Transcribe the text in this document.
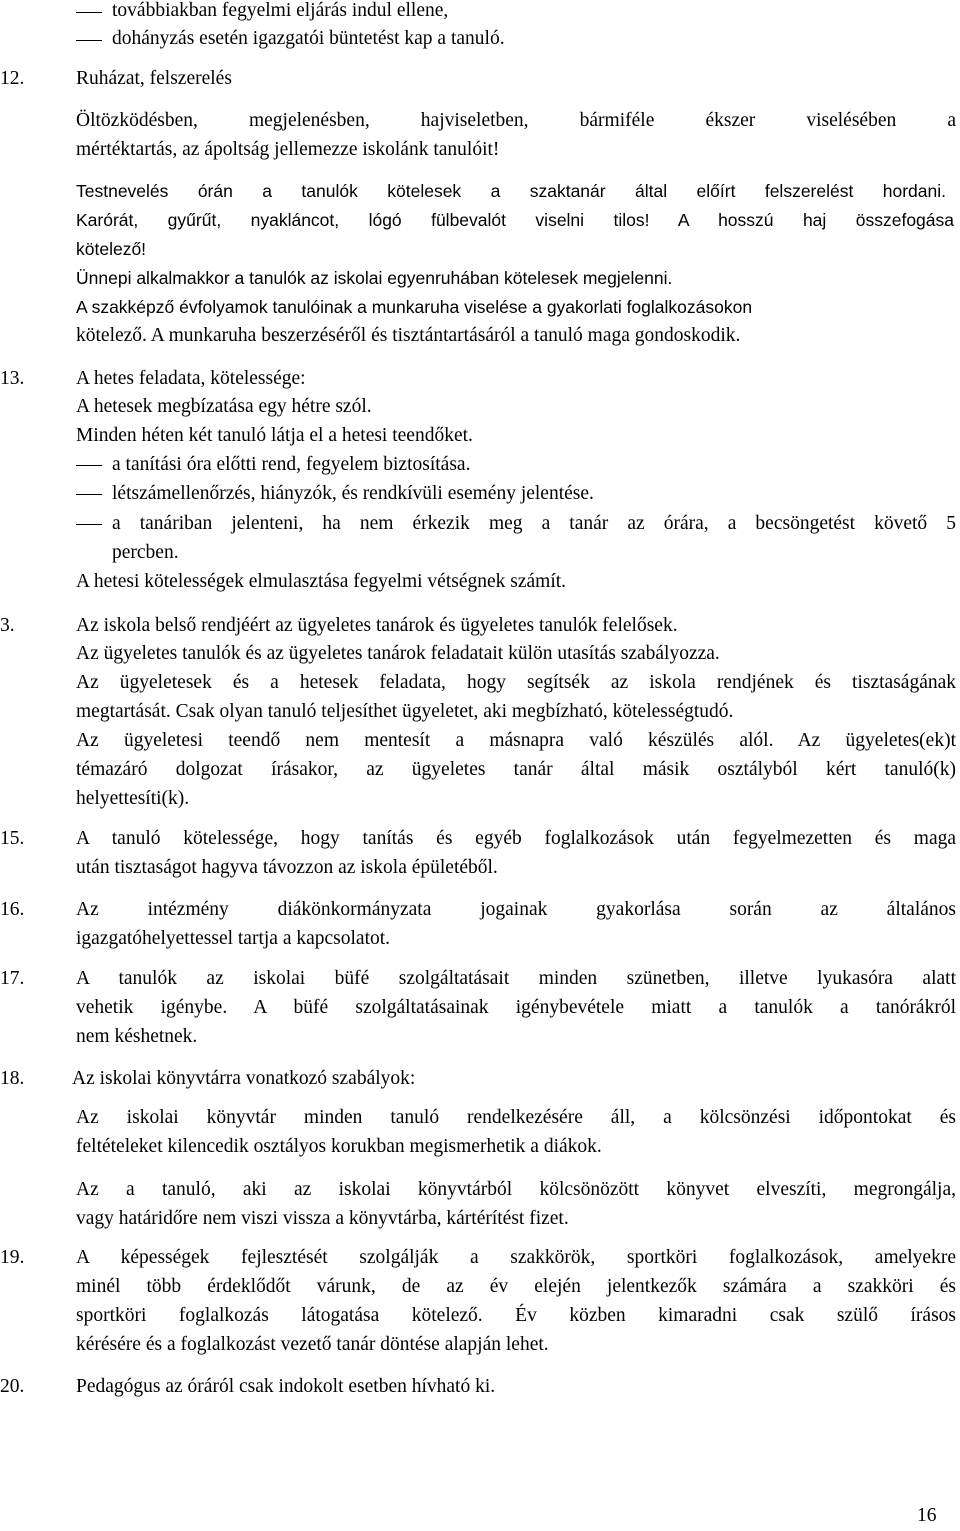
továbbiakban fegyelmi eljárás indul ellene,
dohányzás esetén igazgatói büntetést kap a tanuló.
12.	Ruházat, felszerelés
Öltözködésben, megjelenésben, hajviseletben, bármiféle ékszer viselésében a
mértéktartás, az ápoltság jellemezze iskolánk tanulóit!
Testnevelés órán a tanulók kötelesek a szaktanár által előírt felszerelést hordani.
Karórát, gyűrűt, nyakláncot, lógó fülbevalót viselni tilos! A hosszú haj összefogása
kötelező!
Ünnepi alkalmakkor a tanulók az iskolai egyenruhában kötelesek megjelenni.
A szakképző évfolyamok tanulóinak a munkaruha viselése a gyakorlati foglalkozásokon
kötelező. A munkaruha beszerzéséről és tisztántartásáról a tanuló maga gondoskodik.
13.	A hetes feladata, kötelessége:
A hetesek megbízatása egy hétre szól.
Minden héten két tanuló látja el a hetesi teendőket.
a tanítási óra előtti rend, fegyelem biztosítása.
létszámellenőrzés, hiányzók, és rendkívüli esemény jelentése.
a tanáriban jelenteni, ha nem érkezik meg a tanár az órára, a becsöngetést követő 5
percben.
A hetesi kötelességek elmulasztása fegyelmi vétségnek számít.
3.	Az iskola belső rendjéért az ügyeletes tanárok és ügyeletes tanulók felelősek.
Az ügyeletes tanulók és az ügyeletes tanárok feladatait külön utasítás szabályozza.
Az ügyeletesek és a hetesek feladata, hogy segítsék az iskola rendjének és tisztaságának
megtartását. Csak olyan tanuló teljesíthet ügyeletet, aki megbízható, kötelességtudó.
Az ügyeletesi teendő nem mentesít a másnapra való készülés alól. Az ügyeletes(ek)t
témazáró dolgozat írásakor, az ügyeletes tanár által másik osztályból kért tanuló(k)
helyettesíti(k).
15.	A tanuló kötelessége, hogy tanítás és egyéb foglalkozások után fegyelmezetten és maga
után tisztaságot hagyva távozzon az iskola épületéből.
16.	Az intézmény diákönkormányzata jogainak gyakorlása során az általános
igazgatóhelyettessel tartja a kapcsolatot.
17.	A tanulók az iskolai büfé szolgáltatásait minden szünetben, illetve lyukasóra alatt
vehetik igénybe. A büfé szolgáltatásainak igénybevétele miatt a tanulók a tanórákról
nem késhetnek.
18. Az iskolai könyvtárra vonatkozó szabályok:
Az iskolai könyvtár minden tanuló rendelkezésére áll, a kölcsönzési időpontokat és
feltételeket kilencedik osztályos korukban megismerhetik a diákok.
Az a tanuló, aki az iskolai könyvtárból kölcsönözött könyvet elveszíti, megrongálja,
vagy határidőre nem viszi vissza a könyvtárba, kártérítést fizet.
19.	A képességek fejlesztését szolgálják a szakkörök, sportköri foglalkozások, amelyekre
minél több érdeklődőt várunk, de az év elején jelentkezők számára a szakköri és
sportköri foglalkozás látogatása kötelező. Év közben kimaradni csak szülő írásos
kérésére és a foglalkozást vezető tanár döntése alapján lehet.
20.	Pedagógus az óráról csak indokolt esetben hívható ki.
16
